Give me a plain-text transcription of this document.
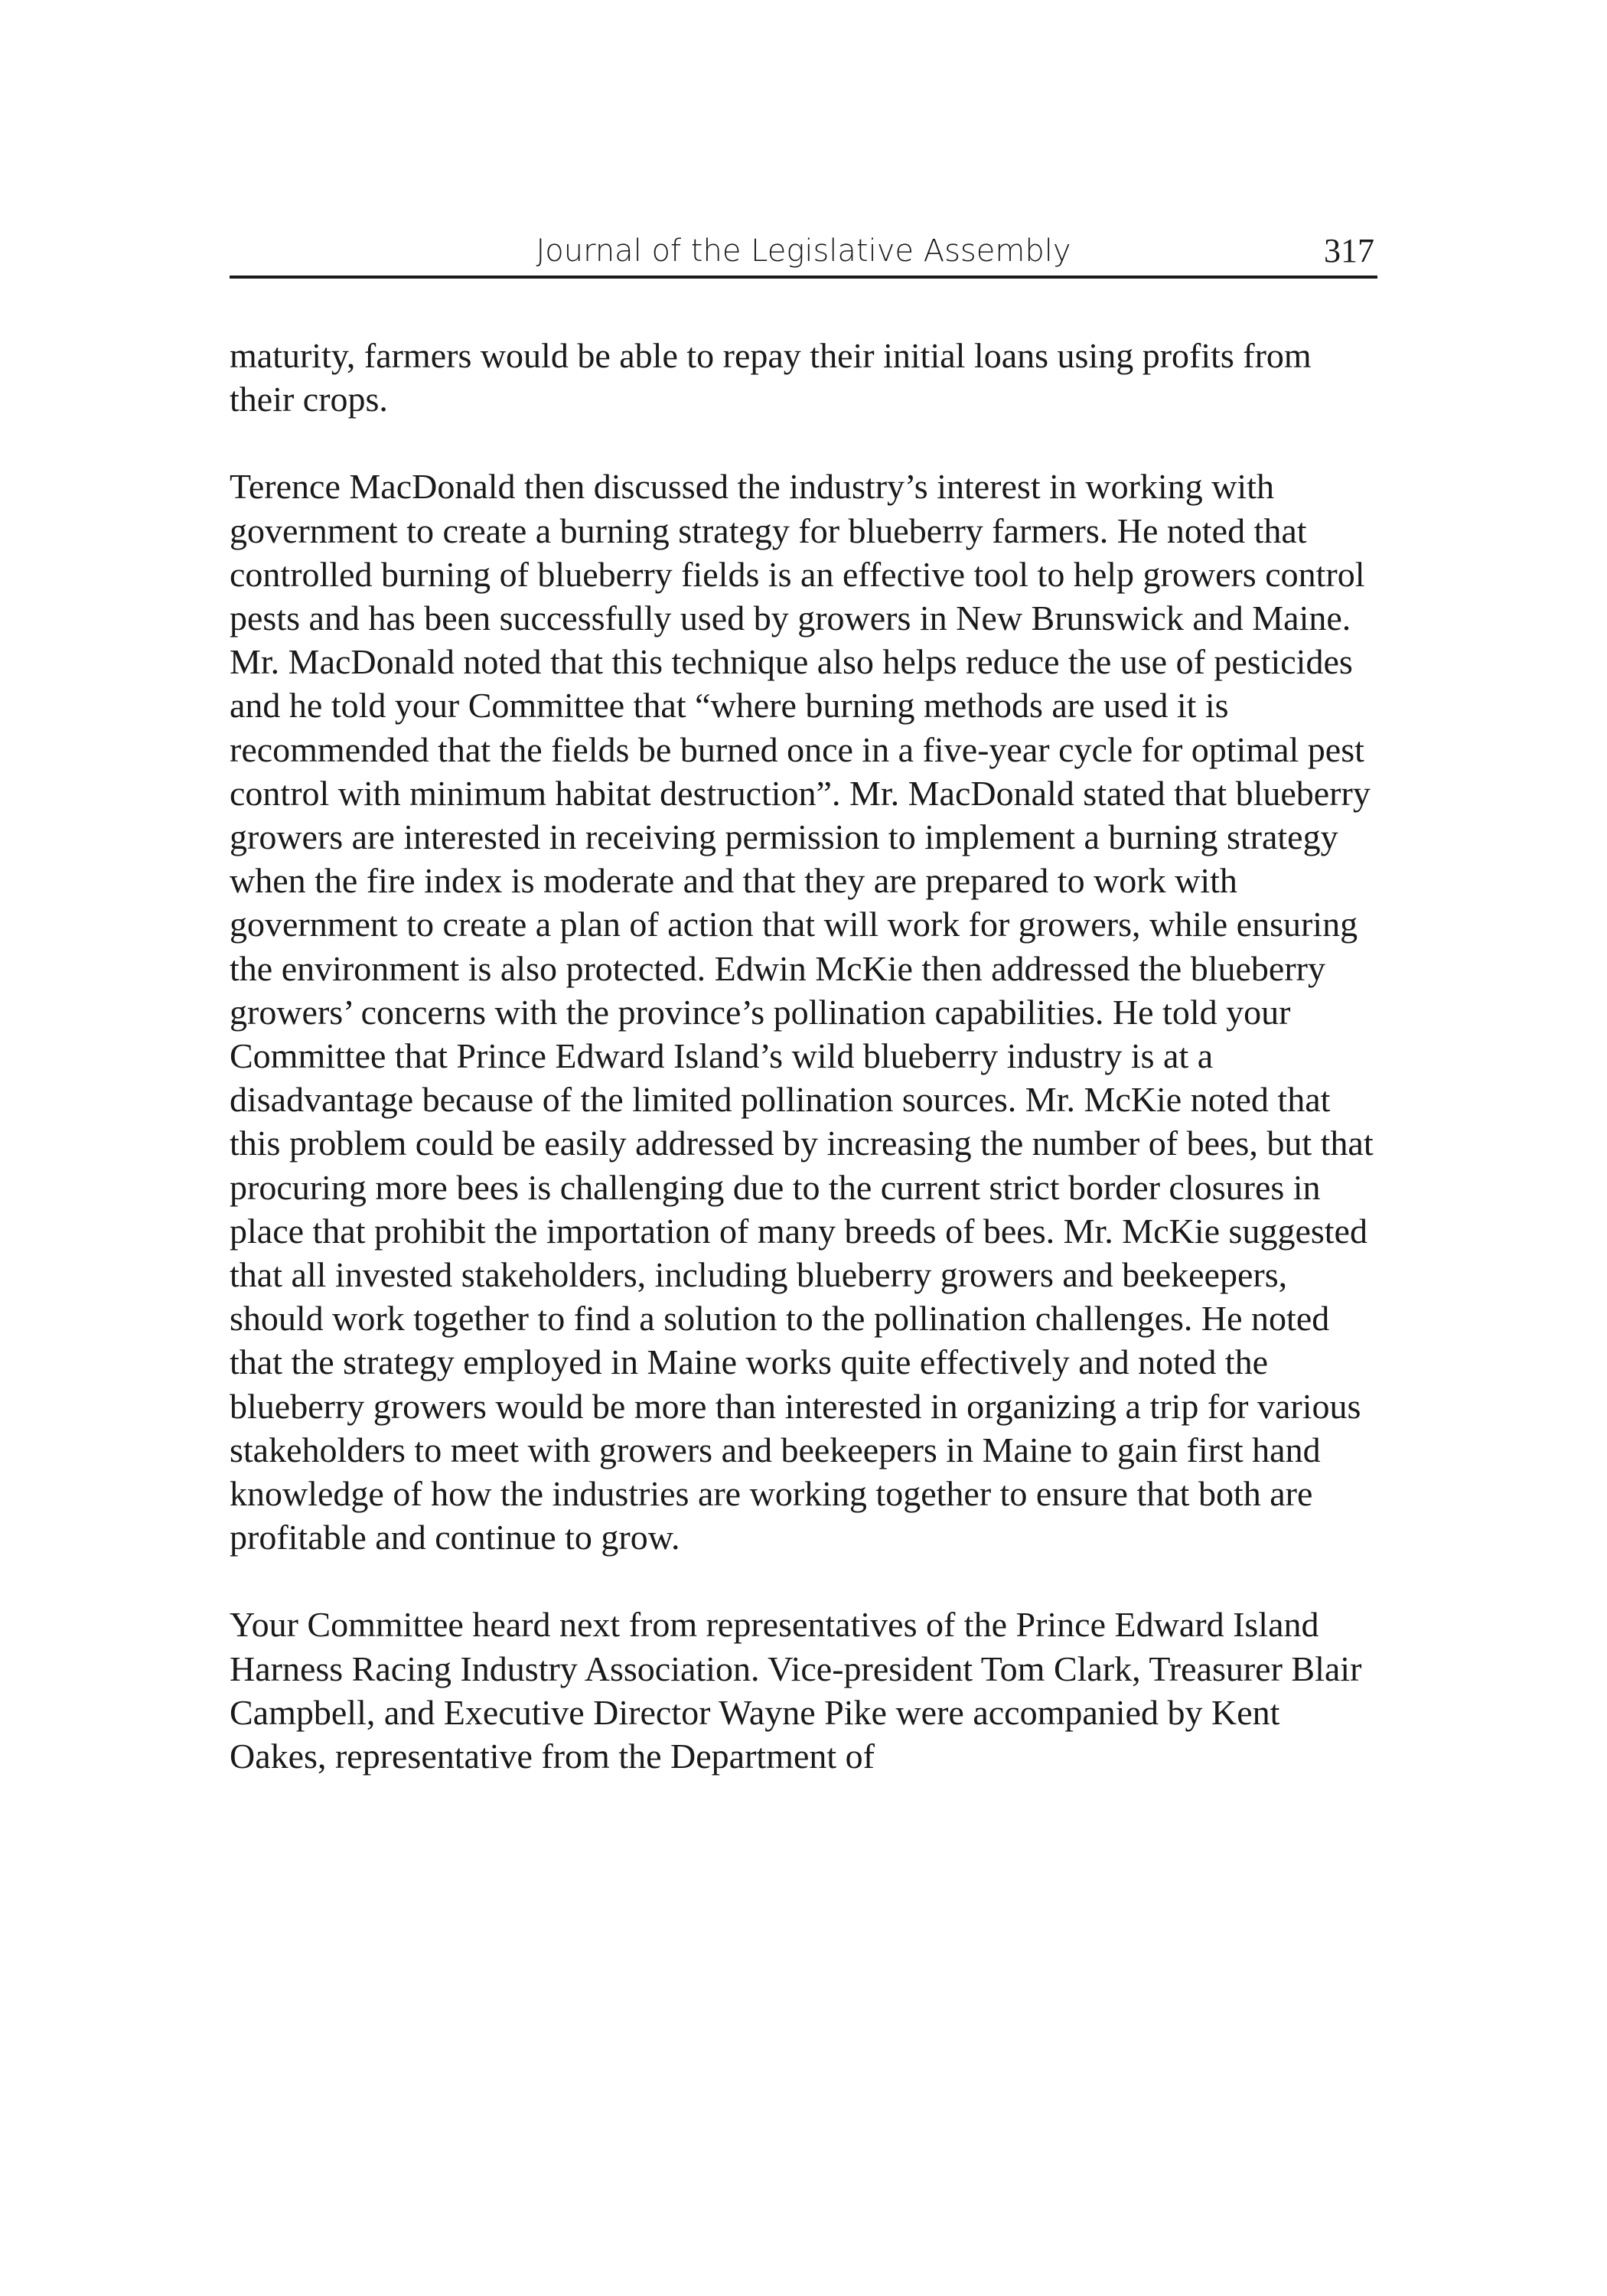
Journal of the Legislative Assembly	317

maturity, farmers would be able to repay their initial loans using profits from their crops.

Terence MacDonald then discussed the industry’s interest in working with government to create a burning strategy for blueberry farmers. He noted that controlled burning of blueberry fields is an effective tool to help growers control pests and has been successfully used by growers in New Brunswick and Maine. Mr. MacDonald noted that this technique also helps reduce the use of pesticides and he told your Committee that “where burning methods are used it is recommended that the fields be burned once in a five-year cycle for optimal pest control with minimum habitat destruction”. Mr. MacDonald stated that blueberry growers are interested in receiving permission to implement a burning strategy when the fire index is moderate and that they are prepared to work with government to create a plan of action that will work for growers, while ensuring the environment is also protected. Edwin McKie then addressed the blueberry growers’ concerns with the province’s pollination capabilities. He told your Committee that Prince Edward Island’s wild blueberry industry is at a disadvantage because of the limited pollination sources. Mr. McKie noted that this problem could be easily addressed by increasing the number of bees, but that procuring more bees is challenging due to the current strict border closures in place that prohibit the importation of many breeds of bees. Mr. McKie suggested that all invested stakeholders, including blueberry growers and beekeepers, should work together to find a solution to the pollination challenges. He noted that the strategy employed in Maine works quite effectively and noted the blueberry growers would be more than interested in organizing a trip for various stakeholders to meet with growers and beekeepers in Maine to gain first hand knowledge of how the industries are working together to ensure that both are profitable and continue to grow.

Your Committee heard next from representatives of the Prince Edward Island Harness Racing Industry Association. Vice-president Tom Clark, Treasurer Blair Campbell, and Executive Director Wayne Pike were accompanied by Kent Oakes, representative from the Department of
